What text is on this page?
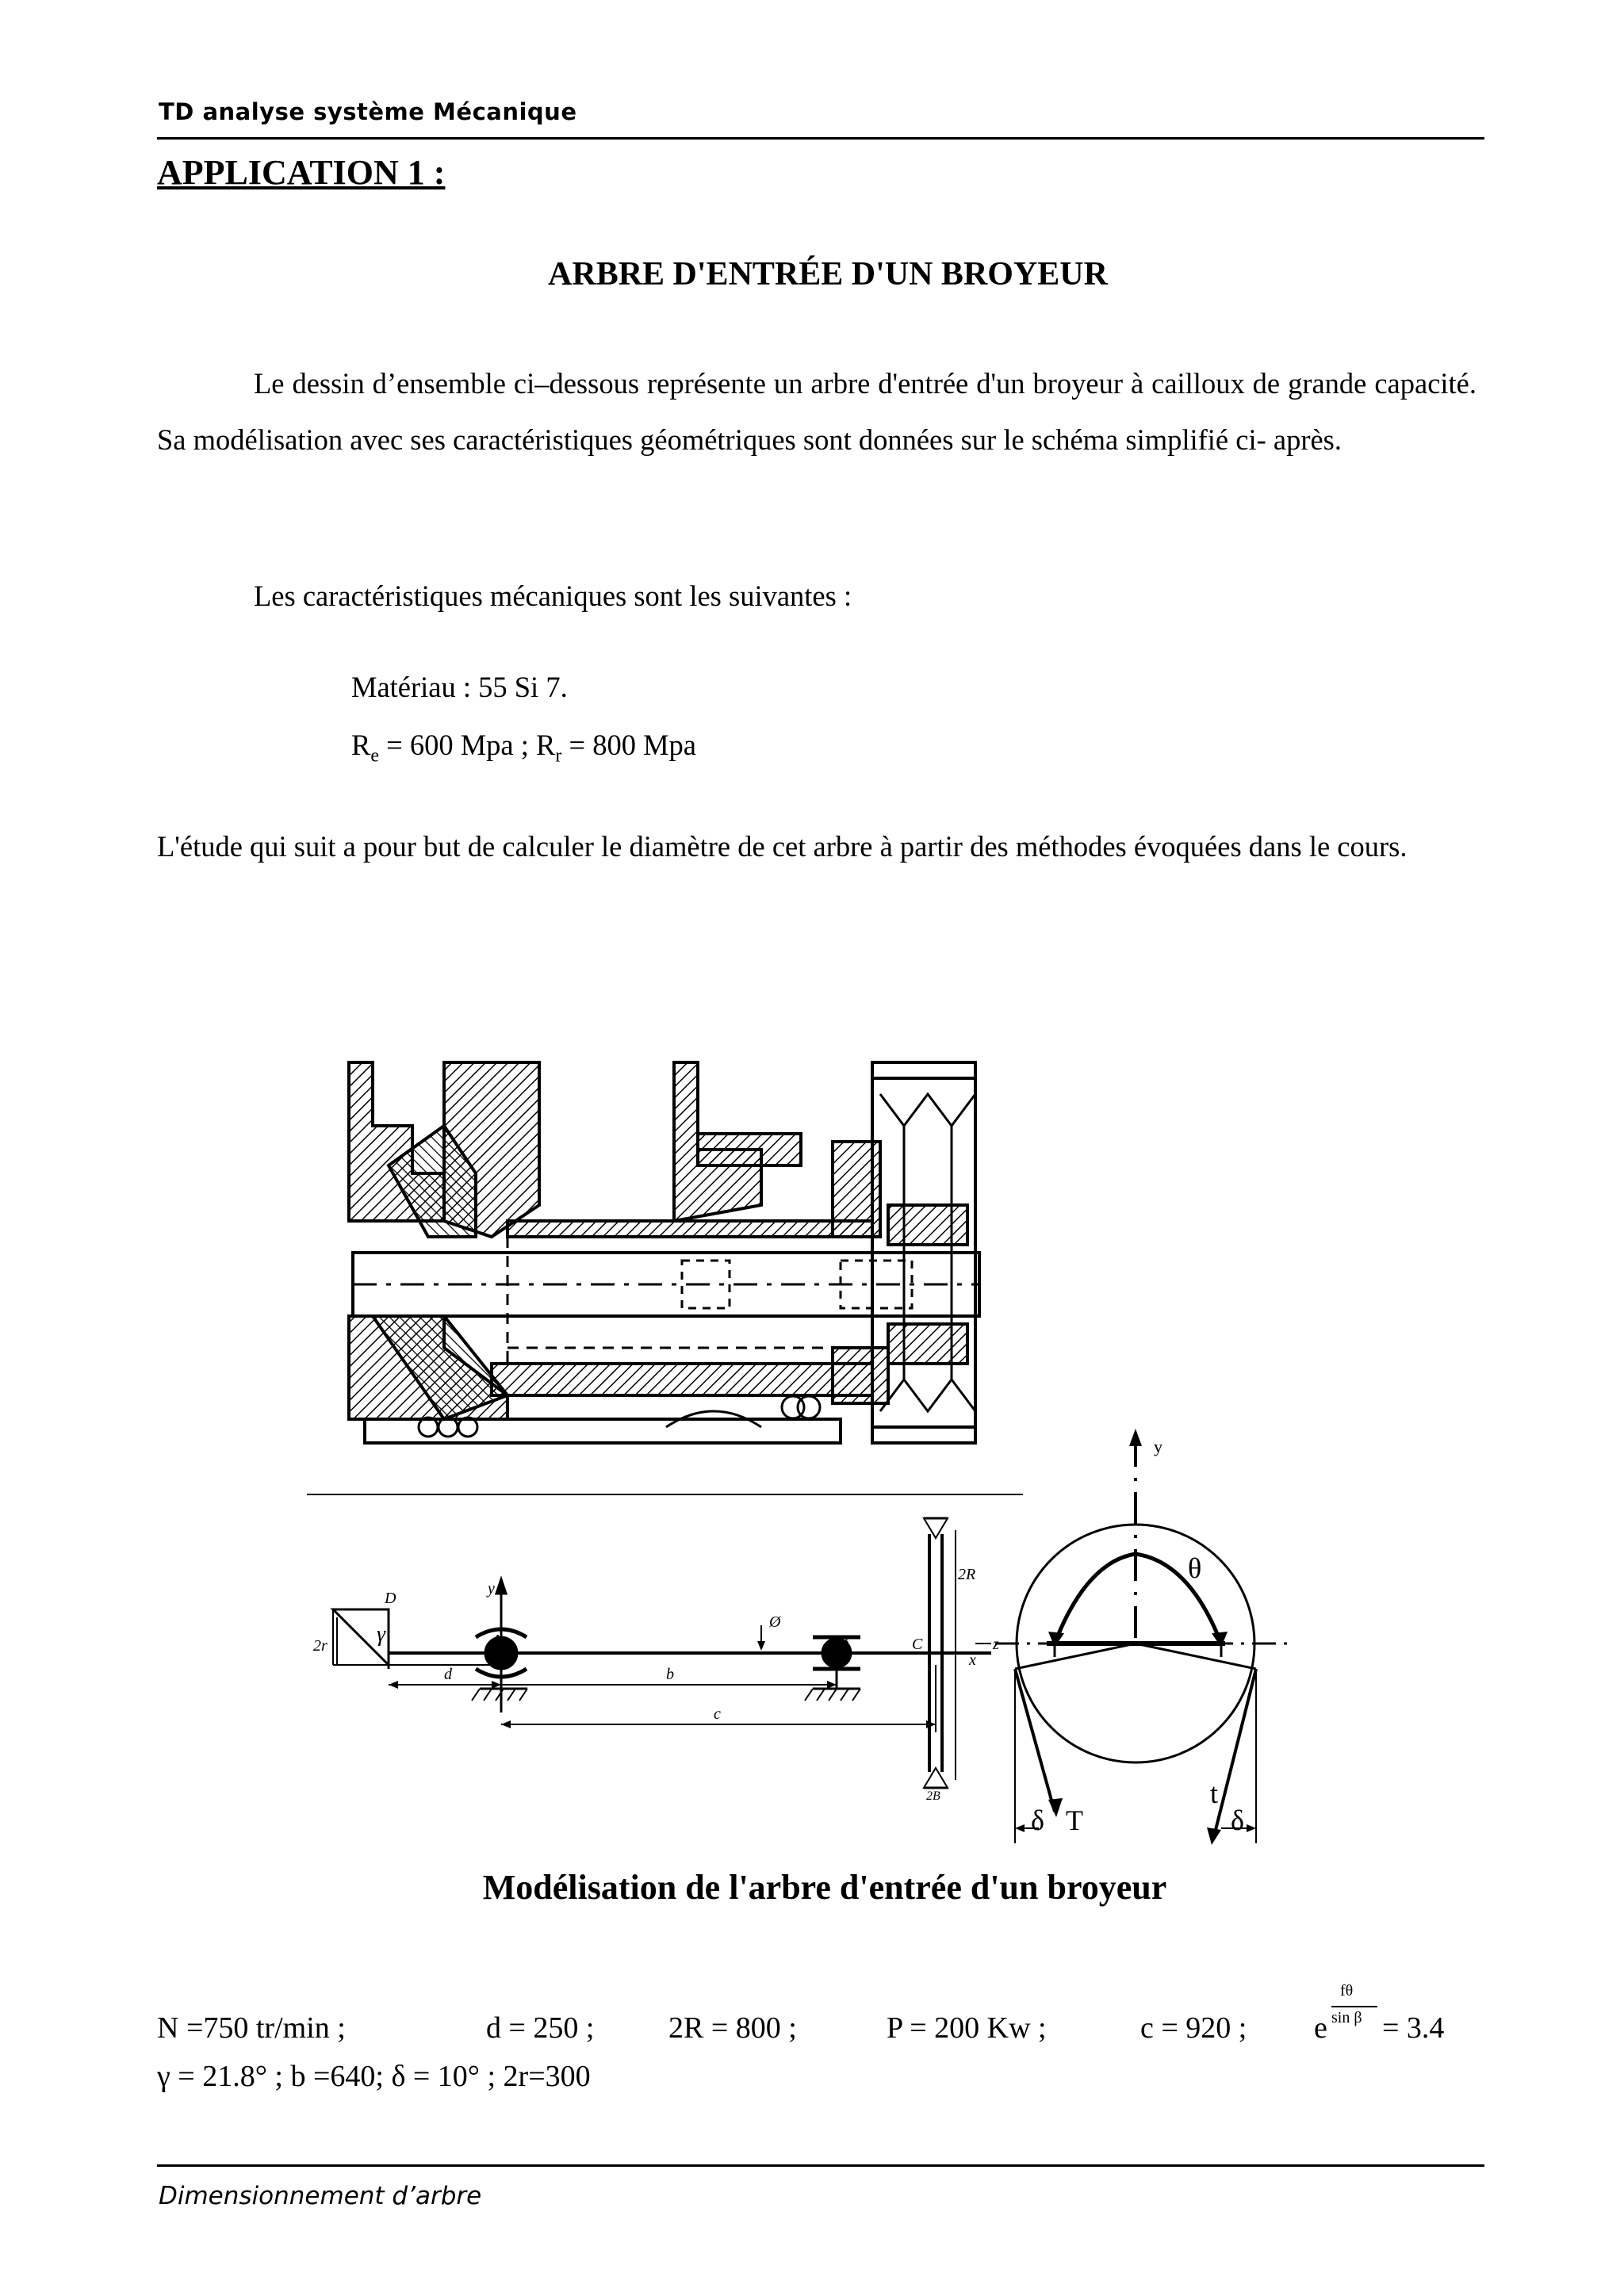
TD analyse système Mécanique
APPLICATION 1 :
ARBRE D'ENTRÉE D'UN BROYEUR
Le dessin d’ensemble ci–dessous représente un arbre d'entrée d'un broyeur à cailloux de grande capacité. Sa modélisation avec ses caractéristiques géométriques sont données sur le schéma simplifié ci- après.
Les caractéristiques mécaniques sont les suivantes :
Matériau : 55 Si 7.
$R_e = 600$ Mpa ; $R_r = 800$ Mpa
L'étude qui suit a pour but de calculer le diamètre de cet arbre à partir des méthodes évoquées dans le cours.
D
γ
2r	A	B	C
y
x
z
d	b
c
Ø
2R
2B
y
θ
δ T
t
δ
Modélisation de l'arbre d'entrée d'un broyeur
N =750 tr/min ;	d = 250 ; 2R = 800 ;	P = 200 Kw ;	c = 920 ; e
fθ
sin β = 3.4
γ = 21.8° ; b =640; δ = 10° ; 2r=300
Dimensionnement d’arbre
